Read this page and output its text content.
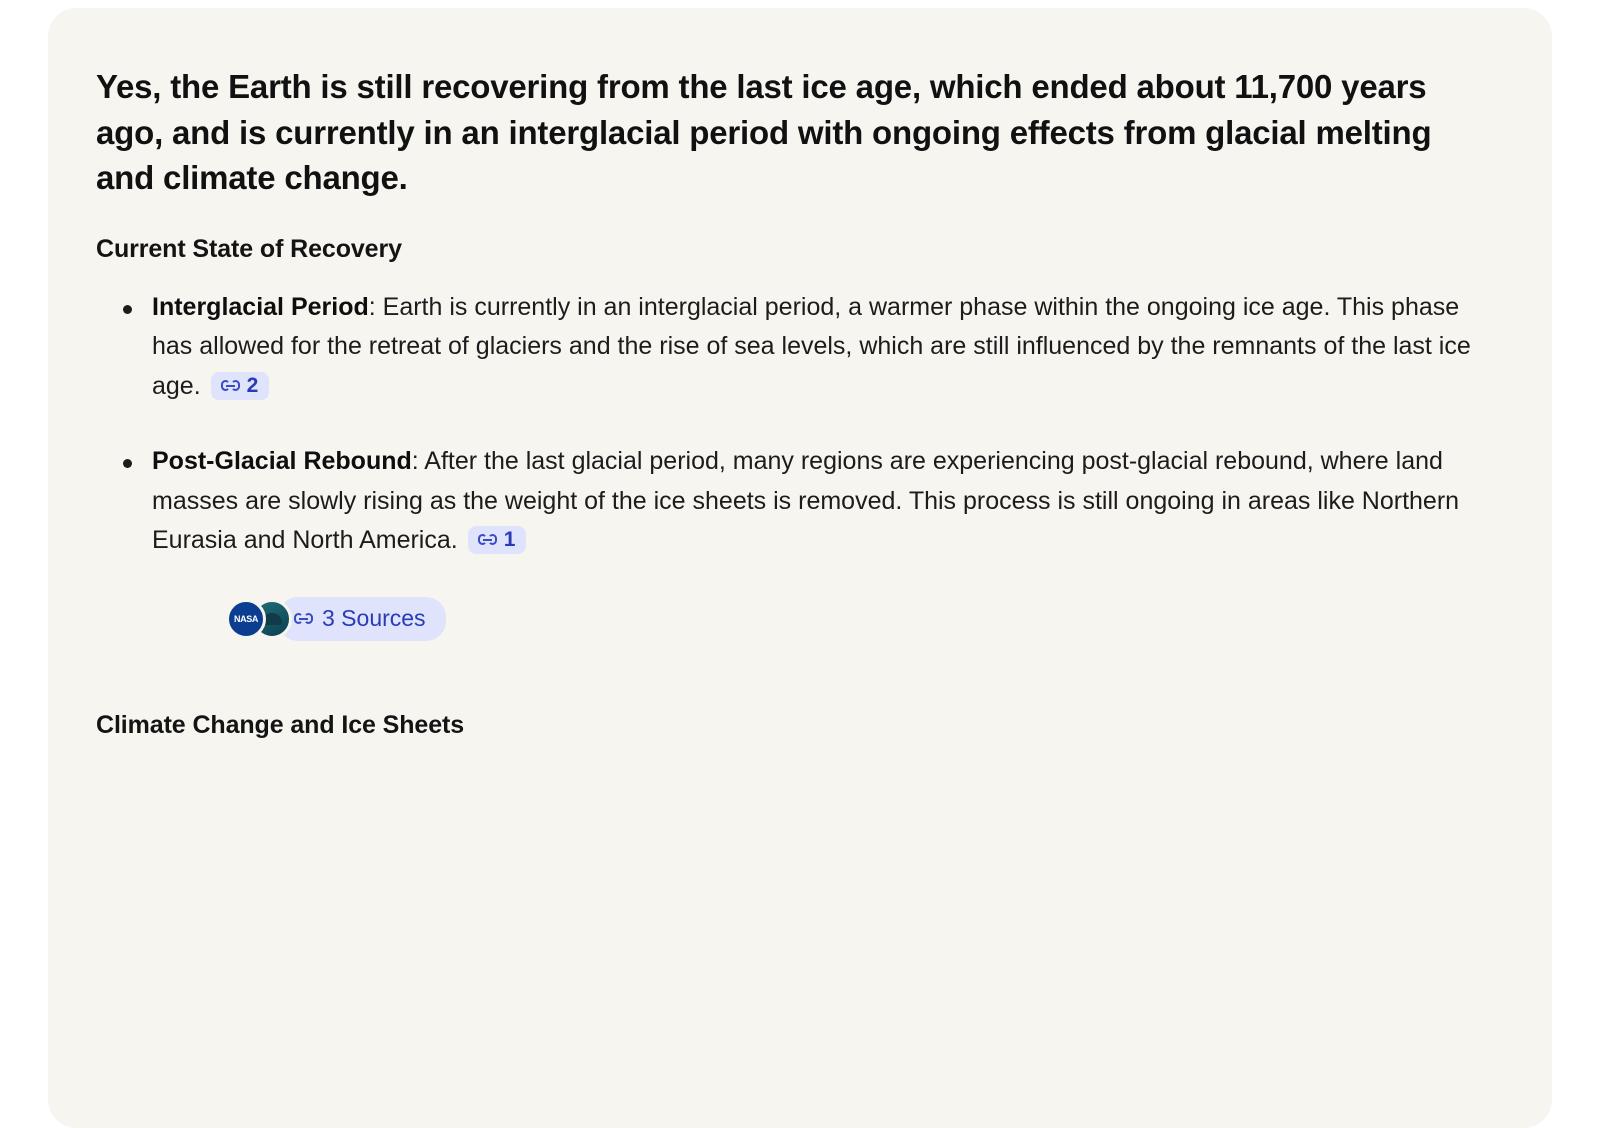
Yes, the Earth is still recovering from the last ice age, which ended about 11,700 years ago, and is currently in an interglacial period with ongoing effects from glacial melting and climate change.

Current State of Recovery
Interglacial Period: Earth is currently in an interglacial period, a warmer phase within the ongoing ice age. This phase has allowed for the retreat of glaciers and the rise of sea levels, which are still influenced by the remnants of the last ice age. 2
Post-Glacial Rebound: After the last glacial period, many regions are experiencing post-glacial rebound, where land masses are slowly rising as the weight of the ice sheets is removed. This process is still ongoing in areas like Northern Eurasia and North America. 1
NASA	3 Sources
Climate Change and Ice Sheets
